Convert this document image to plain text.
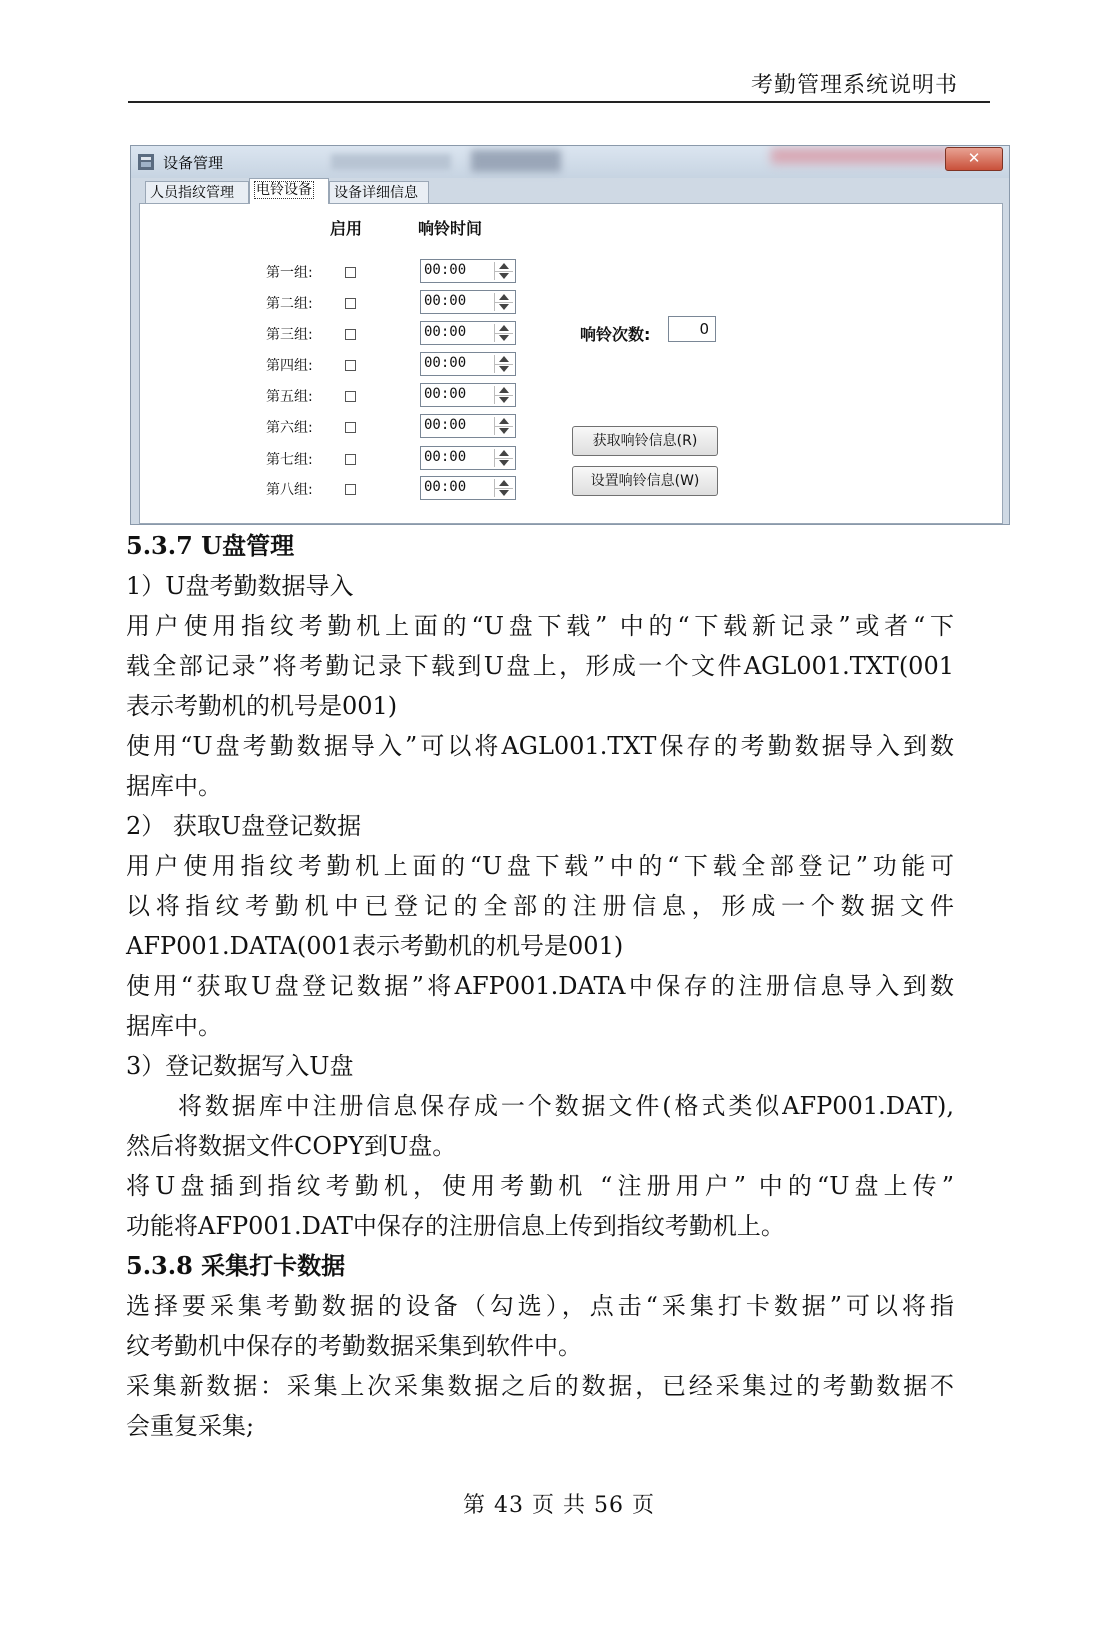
考勤管理系统说明书
设备管理	✕
人员指纹管理	电铃设备	设备详细信息
启用	响铃时间
第一组:	00:00
第二组:	00:00
第三组:	00:00
第四组:	00:00
第五组:	00:00
第六组:	00:00
第七组:	00:00
第八组:	00:00
响铃次数:	0
获取响铃信息(R)
设置响铃信息(W)
5.3.7 U盘管理

1）U盘考勤数据导入

用户使用指纹考勤机上面的“U盘下载” 中的“下载新记录”或者“下

载全部记录”将考勤记录下载到U盘上，形成一个文件AGL001.TXT(001

表示考勤机的机号是001)

使用“U盘考勤数据导入”可以将AGL001.TXT保存的考勤数据导入到数

据库中。

2） 获取U盘登记数据

用户使用指纹考勤机上面的“U盘下载”中的“下载全部登记”功能可

以将指纹考勤机中已登记的全部的注册信息，形成一个数据文件

AFP001.DATA(001表示考勤机的机号是001)

使用“获取U盘登记数据”将AFP001.DATA中保存的注册信息导入到数

据库中。

3）登记数据写入U盘

将数据库中注册信息保存成一个数据文件(格式类似AFP001.DAT),

然后将数据文件COPY到U盘。

将U盘插到指纹考勤机，使用考勤机 “注册用户” 中的“U盘上传”

功能将AFP001.DAT中保存的注册信息上传到指纹考勤机上。

5.3.8 采集打卡数据

选择要采集考勤数据的设备（勾选），点击“采集打卡数据”可以将指

纹考勤机中保存的考勤数据采集到软件中。

采集新数据：采集上次采集数据之后的数据，已经采集过的考勤数据不

会重复采集;

第 43 页 共 56 页
